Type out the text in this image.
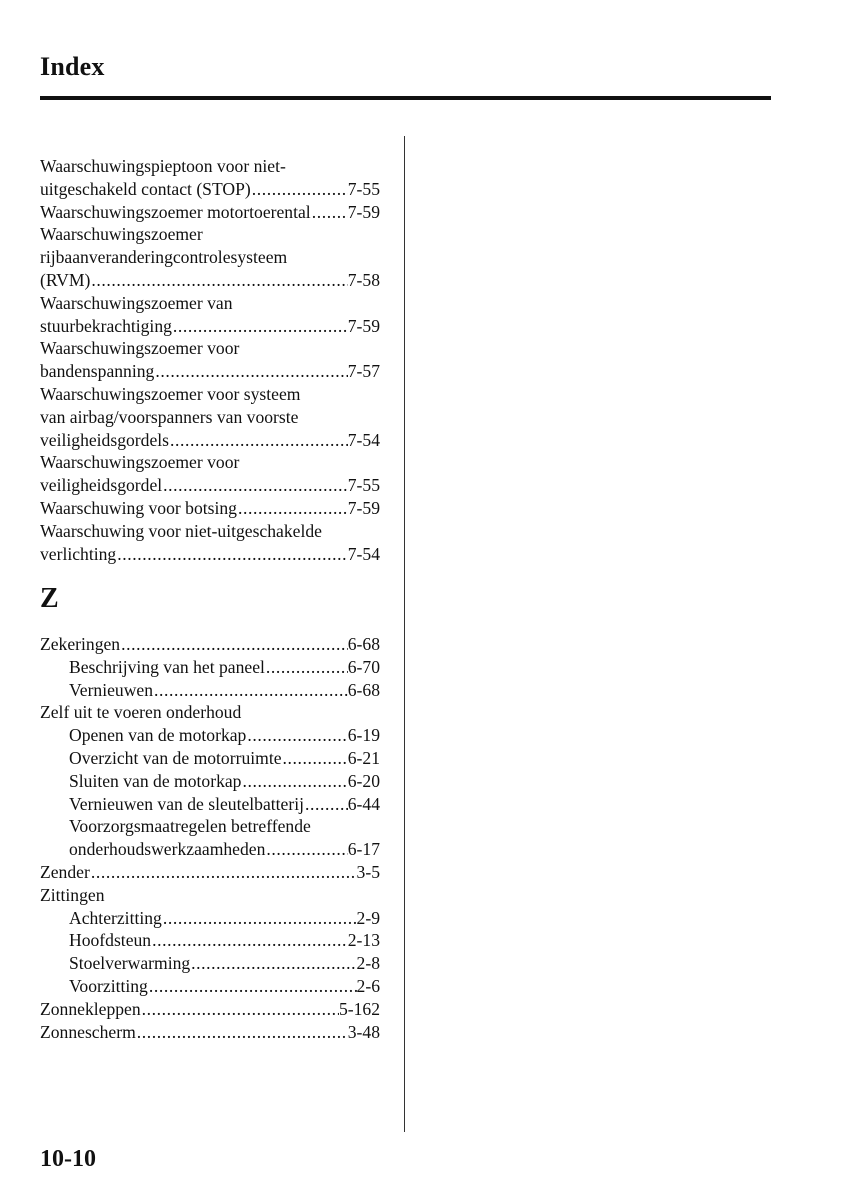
Index
Waarschuwingspieptoon voor niet-
uitgeschakeld contact (STOP) .....	7-55
Waarschuwingszoemer motortoerental ..... 7-59
Waarschuwingszoemer
rijbaanveranderingcontrolesysteem
(RVM) .....	7-58
Waarschuwingszoemer van
stuurbekrachtiging .....	7-59
Waarschuwingszoemer voor
bandenspanning .....	7-57
Waarschuwingszoemer voor systeem
van airbag/voorspanners van voorste
veiligheidsgordels .....	7-54
Waarschuwingszoemer voor
veiligheidsgordel .....	7-55
Waarschuwing voor botsing .....	7-59
Waarschuwing voor niet-uitgeschakelde
verlichting .....	7-54
Z
Zekeringen .....	6-68
Beschrijving van het paneel .....	6-70
Vernieuwen .....	6-68
Zelf uit te voeren onderhoud
Openen van de motorkap .....	6-19
Overzicht van de motorruimte .....	6-21
Sluiten van de motorkap .....	6-20
Vernieuwen van de sleutelbatterij ..... 6-44
Voorzorgsmaatregelen betreffende
onderhoudswerkzaamheden .....	6-17
Zender .....	3-5
Zittingen
Achterzitting .....	2-9
Hoofdsteun .....	2-13
Stoelverwarming .....	2-8
Voorzitting .....	2-6
Zonnekleppen .....	5-162
Zonnescherm .....	3-48
10-10
